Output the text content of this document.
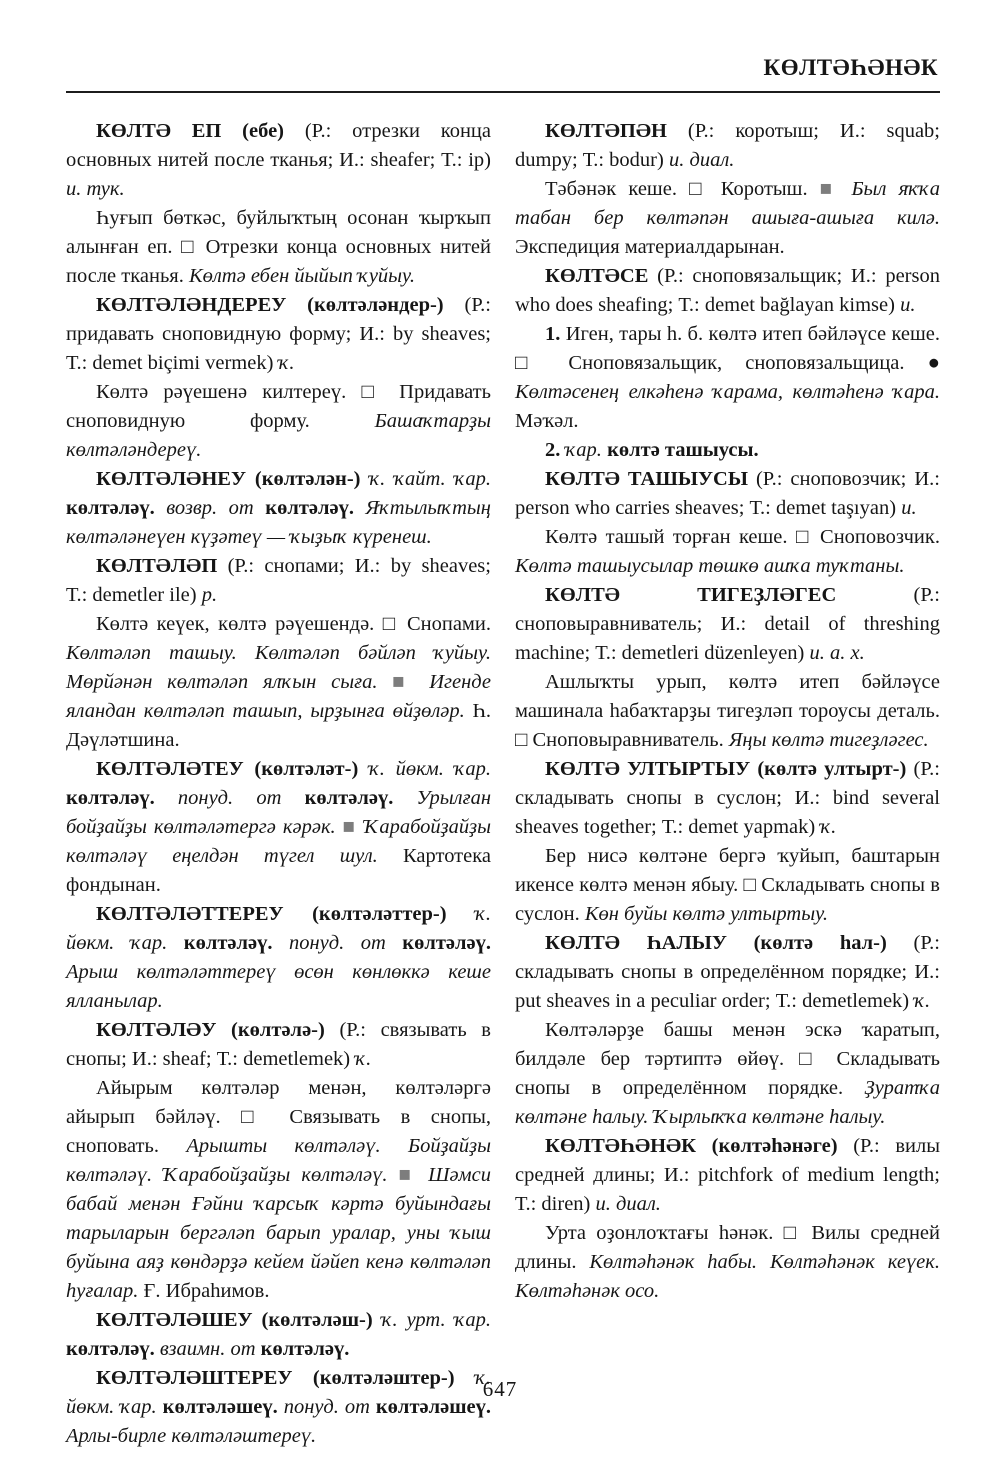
КӨЛТӘҺӘНӘК

КӨЛТӘ ЕП (ебе) (Р.: отрезки конца основных нитей после тканья; И.: sheafer; Т.: ip) и. тук.

Һуғып бөткәс, буйлыҡтың осонан ҡырҡып алынған еп. □ Отрезки конца основных нитей после тканья. Көлтә ебен йыйып ҡуйыу.

КӨЛТӘЛӘНДЕРЕУ (көлтәләндер-) (Р.: придавать сноповидную форму; И.: by sheaves; Т.: demet biçimi vermek) ҡ.

Көлтә рәүешенә килтереү. □ Придавать сноповидную форму. Башаҡтарҙы көлтәләндереү.

КӨЛТӘЛӘНЕУ (көлтәлән-) ҡ. ҡайт. ҡар. көлтәләү. возвр. от көлтәләү. Яҡтылыҡтың көлтәләнеүен күҙәтеү — ҡыҙыҡ күренеш.

КӨЛТӘЛӘП (Р.: снопами; И.: by sheaves; Т.: demetler ile) р.

Көлтә кеүек, көлтә рәүешендә. □ Снопами. Көлтәләп ташыу. Көлтәләп бәйләп ҡуйыу. Мөрйәнән көлтәләп ялҡын сыға. ■ Игенде яландан көлтәләп ташып, ырҙынға өйҙөләр. Һ. Дәүләтшина.

КӨЛТӘЛӘТЕУ (көлтәләт-) ҡ. йөкм. ҡар. көлтәләү. понуд. от көлтәләү. Урылған бойҙайҙы көлтәләтергә кәрәк. ■ Ҡарабойҙайҙы көлтәләү еңелдән түгел шул. Картотека фондынан.

КӨЛТӘЛӘТТЕРЕУ (көлтәләттер-) ҡ. йөкм. ҡар. көлтәләү. понуд. от көлтәләү. Арыш көлтәләттереү өсөн көнлөккә кеше ялланылар.

КӨЛТӘЛӘУ (көлтәлә-) (Р.: связывать в снопы; И.: sheaf; Т.: demetlemek) ҡ.

Айырым көлтәләр менән, көлтәләргә айырып бәйләү. □ Связывать в снопы, сноповать. Арышты көлтәләү. Бойҙайҙы көлтәләү. Ҡарабойҙайҙы көлтәләү. ■ Шәмси бабай менән Ғәйни ҡарсыҡ кәртә буйындағы тарыларын бергәләп барып уралар, уны ҡыш буйына аяҙ көндәрҙә кейем йәйеп кенә көлтәләп һуғалар. Ғ. Ибраһимов.

КӨЛТӘЛӘШЕУ (көлтәләш-) ҡ. урт. ҡар. көлтәләү. взаимн. от көлтәләү.

КӨЛТӘЛӘШТЕРЕУ (көлтәләштер-) ҡ. йөкм. ҡар. көлтәләшеү. понуд. от көлтәләшеү. Арлы-бирле көлтәләштереү.

КӨЛТӘПӘН (Р.: коротыш; И.: squab; dumpy; Т.: bodur) и. диал.

Тәбәнәк кеше. □ Коротыш. ■ Был яҡҡа табан бер көлтәпән ашыға-ашыға килә. Экспедиция материалдарынан.

КӨЛТӘСЕ (Р.: сноповязальщик; И.: person who does sheafing; Т.: demet bağlayan kimse) и.

1. Иген, тары һ. б. көлтә итеп бәйләүсе кеше. □ Сноповязальщик, сноповязальщица. ● Көлтәсенең елкәһенә ҡарама, көлтәһенә ҡара. Мәҡәл.

2. ҡар. көлтә ташыусы.

КӨЛТӘ ТАШЫУСЫ (Р.: сноповозчик; И.: person who carries sheaves; Т.: demet taşıyan) и.

Көлтә ташый торған кеше. □ Сноповозчик. Көлтә ташыусылар төшкө ашҡа туҡтаны.

КӨЛТӘ ТИГЕҘЛӘГЕС (Р.: сноповыравниватель; И.: detail of threshing machine; Т.: demetleri düzenleyen) и. а. х.

Ашлыҡты урып, көлтә итеп бәйләүсе машинала һабаҡтарҙы тигеҙләп тороусы деталь. □ Сноповыравниватель. Яңы көлтә тигеҙләгес.

КӨЛТӘ УЛТЫРТЫУ (көлтә ултырт-) (Р.: складывать снопы в суслон; И.: bind several sheaves together; Т.: demet yapmak) ҡ.

Бер нисә көлтәне бергә ҡуйып, баштарын икенсе көлтә менән ябыу. □ Складывать снопы в суслон. Көн буйы көлтә ултыртыу.

КӨЛТӘ ҺАЛЫУ (көлтә һал-) (Р.: складывать снопы в определённом порядке; И.: put sheaves in a peculiar order; Т.: demetlemek) ҡ.

Көлтәләрҙе башы менән эскә ҡаратып, билдәле бер тәртиптә өйөү. □ Складывать снопы в определённом порядке. Ҙуратҡа көлтәне һалыу. Ҡырлыҡҡа көлтәне һалыу.

КӨЛТӘҺӘНӘК (көлтәһәнәге) (Р.: вилы средней длины; И.: pitchfork of medium length; Т.: diren) и. диал.

Урта оҙонлоҡтағы һәнәк. □ Вилы средней длины. Көлтәһәнәк һабы. Көлтәһәнәк кеүек. Көлтәһәнәк осо.

647
